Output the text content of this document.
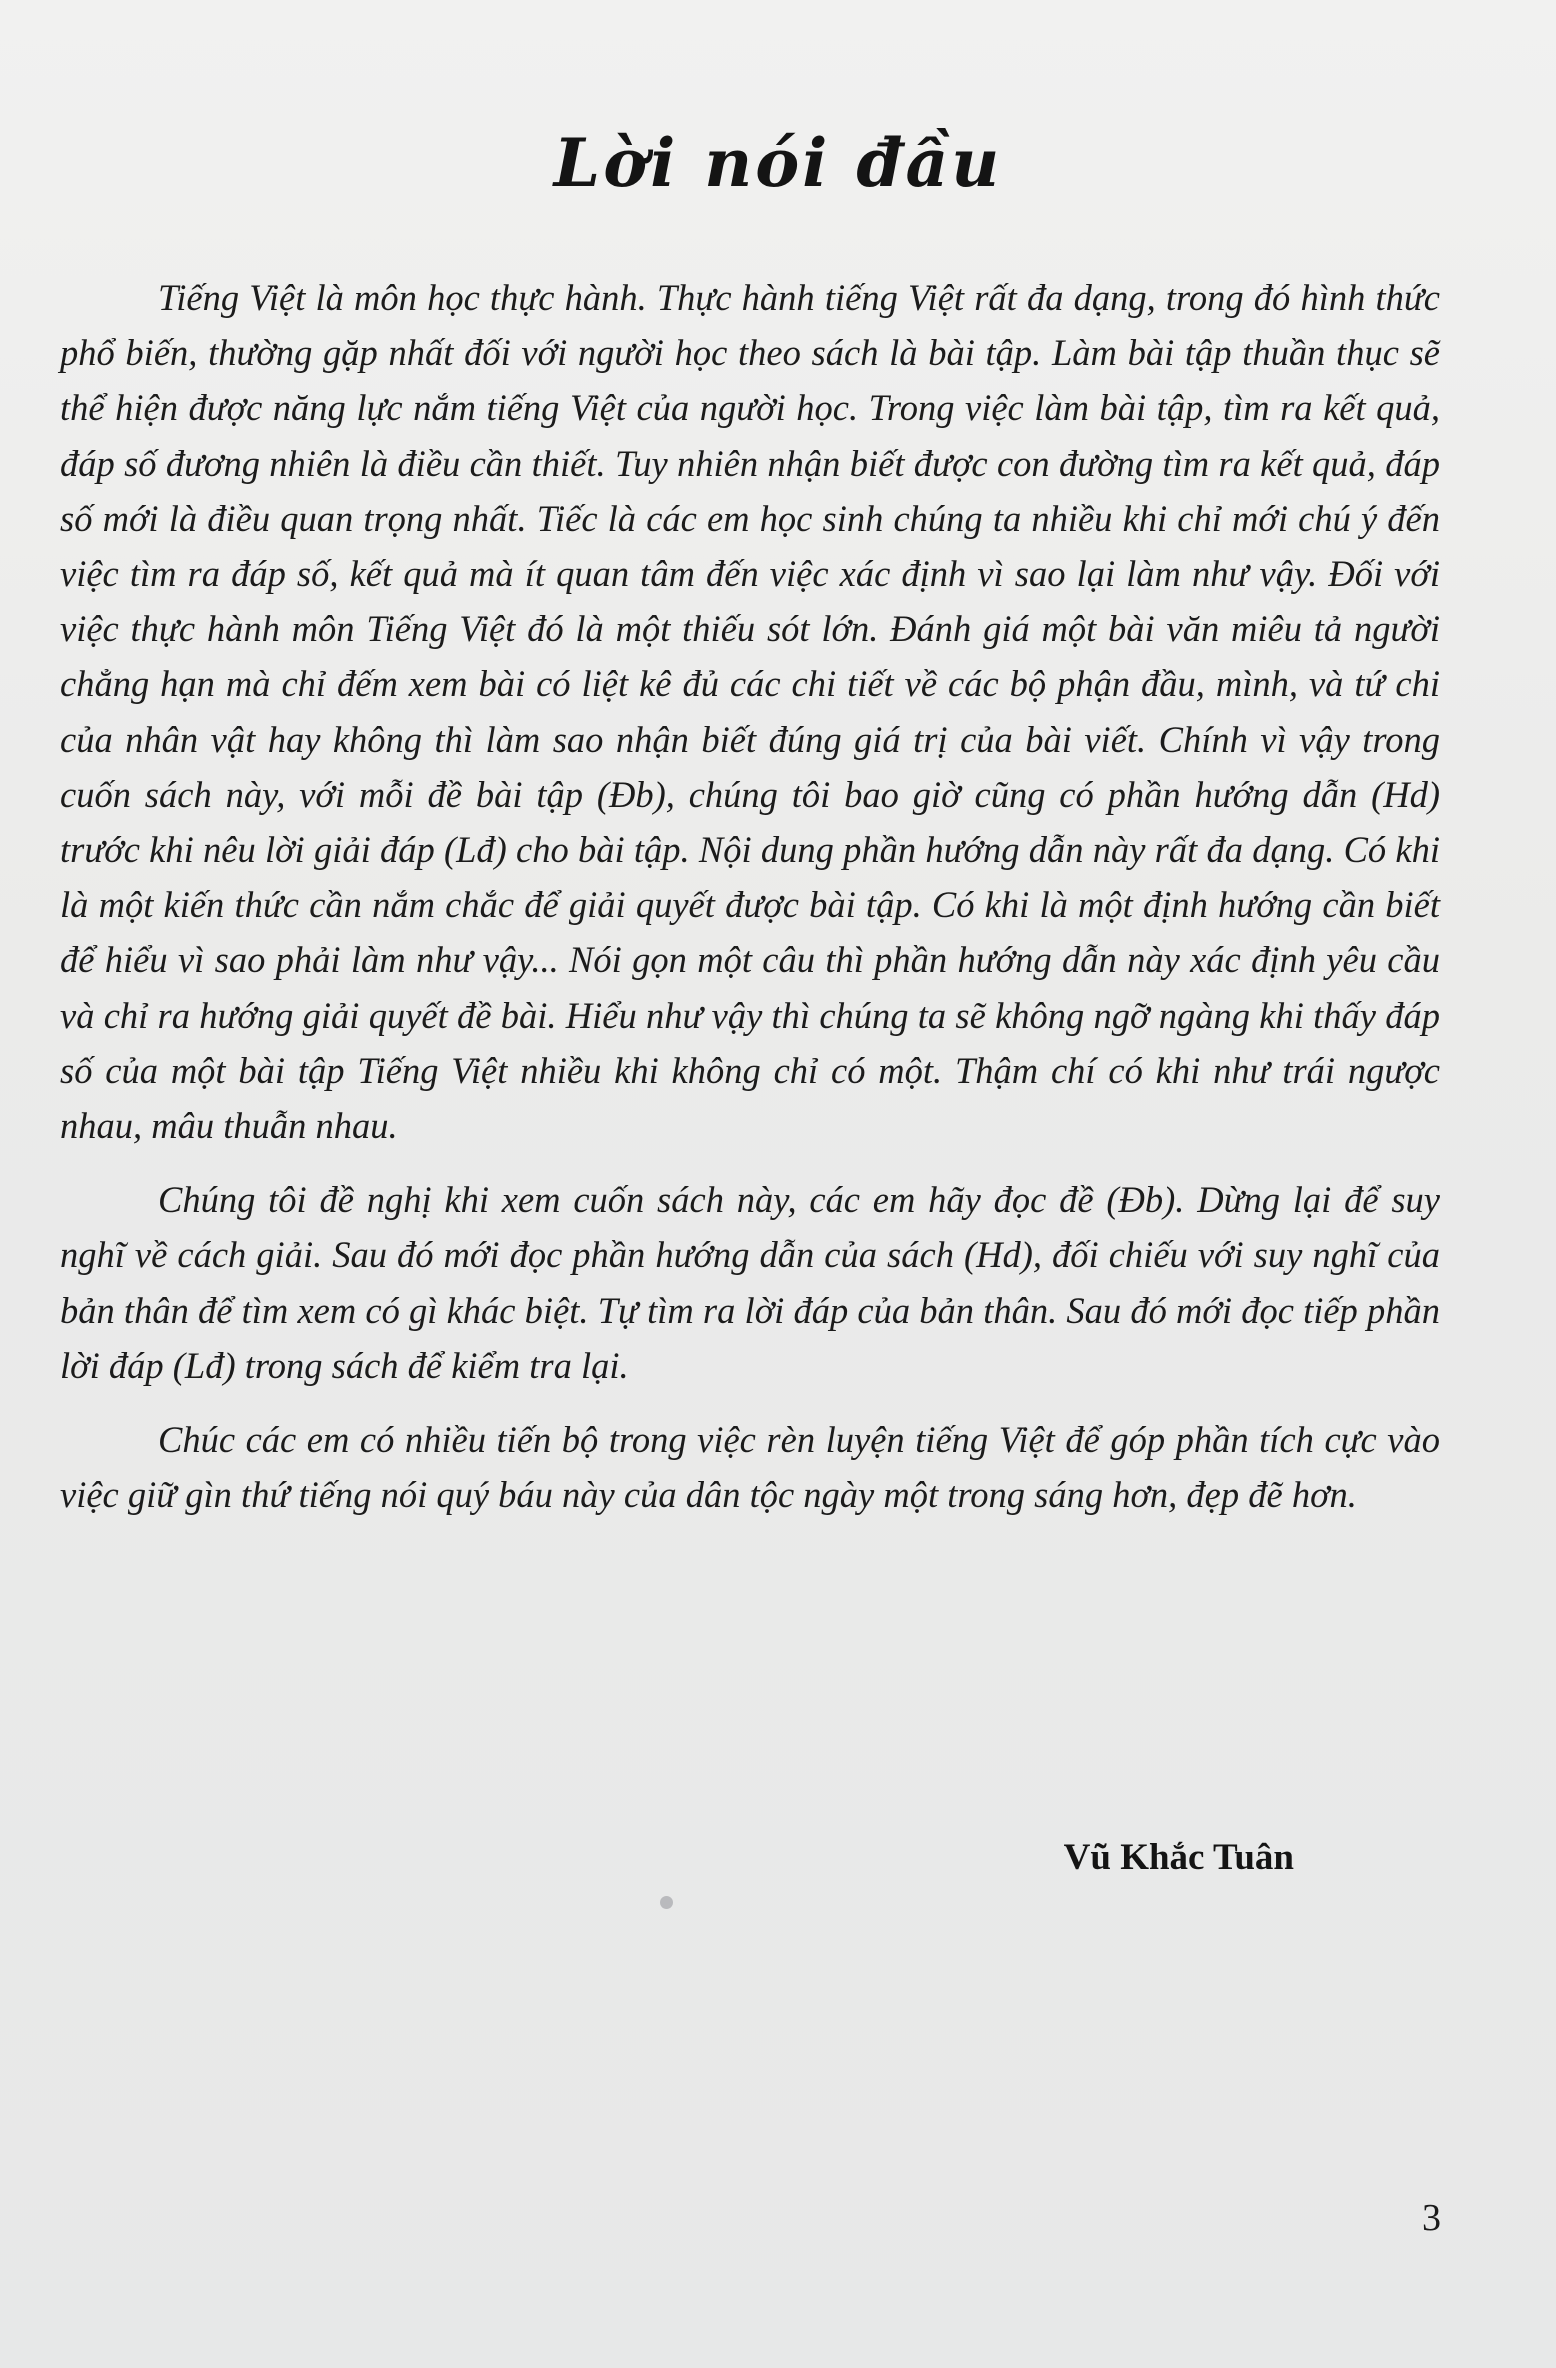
Lời nói đầu

Tiếng Việt là môn học thực hành. Thực hành tiếng Việt rất đa dạng, trong đó hình thức phổ biến, thường gặp nhất đối với người học theo sách là bài tập. Làm bài tập thuần thục sẽ thể hiện được năng lực nắm tiếng Việt của người học. Trong việc làm bài tập, tìm ra kết quả, đáp số đương nhiên là điều cần thiết. Tuy nhiên nhận biết được con đường tìm ra kết quả, đáp số mới là điều quan trọng nhất. Tiếc là các em học sinh chúng ta nhiều khi chỉ mới chú ý đến việc tìm ra đáp số, kết quả mà ít quan tâm đến việc xác định vì sao lại làm như vậy. Đối với việc thực hành môn Tiếng Việt đó là một thiếu sót lớn. Đánh giá một bài văn miêu tả người chẳng hạn mà chỉ đếm xem bài có liệt kê đủ các chi tiết về các bộ phận đầu, mình, và tứ chi của nhân vật hay không thì làm sao nhận biết đúng giá trị của bài viết. Chính vì vậy trong cuốn sách này, với mỗi đề bài tập (Đb), chúng tôi bao giờ cũng có phần hướng dẫn (Hd) trước khi nêu lời giải đáp (Lđ) cho bài tập. Nội dung phần hướng dẫn này rất đa dạng. Có khi là một kiến thức cần nắm chắc để giải quyết được bài tập. Có khi là một định hướng cần biết để hiểu vì sao phải làm như vậy... Nói gọn một câu thì phần hướng dẫn này xác định yêu cầu và chỉ ra hướng giải quyết đề bài. Hiểu như vậy thì chúng ta sẽ không ngỡ ngàng khi thấy đáp số của một bài tập Tiếng Việt nhiều khi không chỉ có một. Thậm chí có khi như trái ngược nhau, mâu thuẫn nhau.

Chúng tôi đề nghị khi xem cuốn sách này, các em hãy đọc đề (Đb). Dừng lại để suy nghĩ về cách giải. Sau đó mới đọc phần hướng dẫn của sách (Hd), đối chiếu với suy nghĩ của bản thân để tìm xem có gì khác biệt. Tự tìm ra lời đáp của bản thân. Sau đó mới đọc tiếp phần lời đáp (Lđ) trong sách để kiểm tra lại.

Chúc các em có nhiều tiến bộ trong việc rèn luyện tiếng Việt để góp phần tích cực vào việc giữ gìn thứ tiếng nói quý báu này của dân tộc ngày một trong sáng hơn, đẹp đẽ hơn.

Vũ Khắc Tuân
3
